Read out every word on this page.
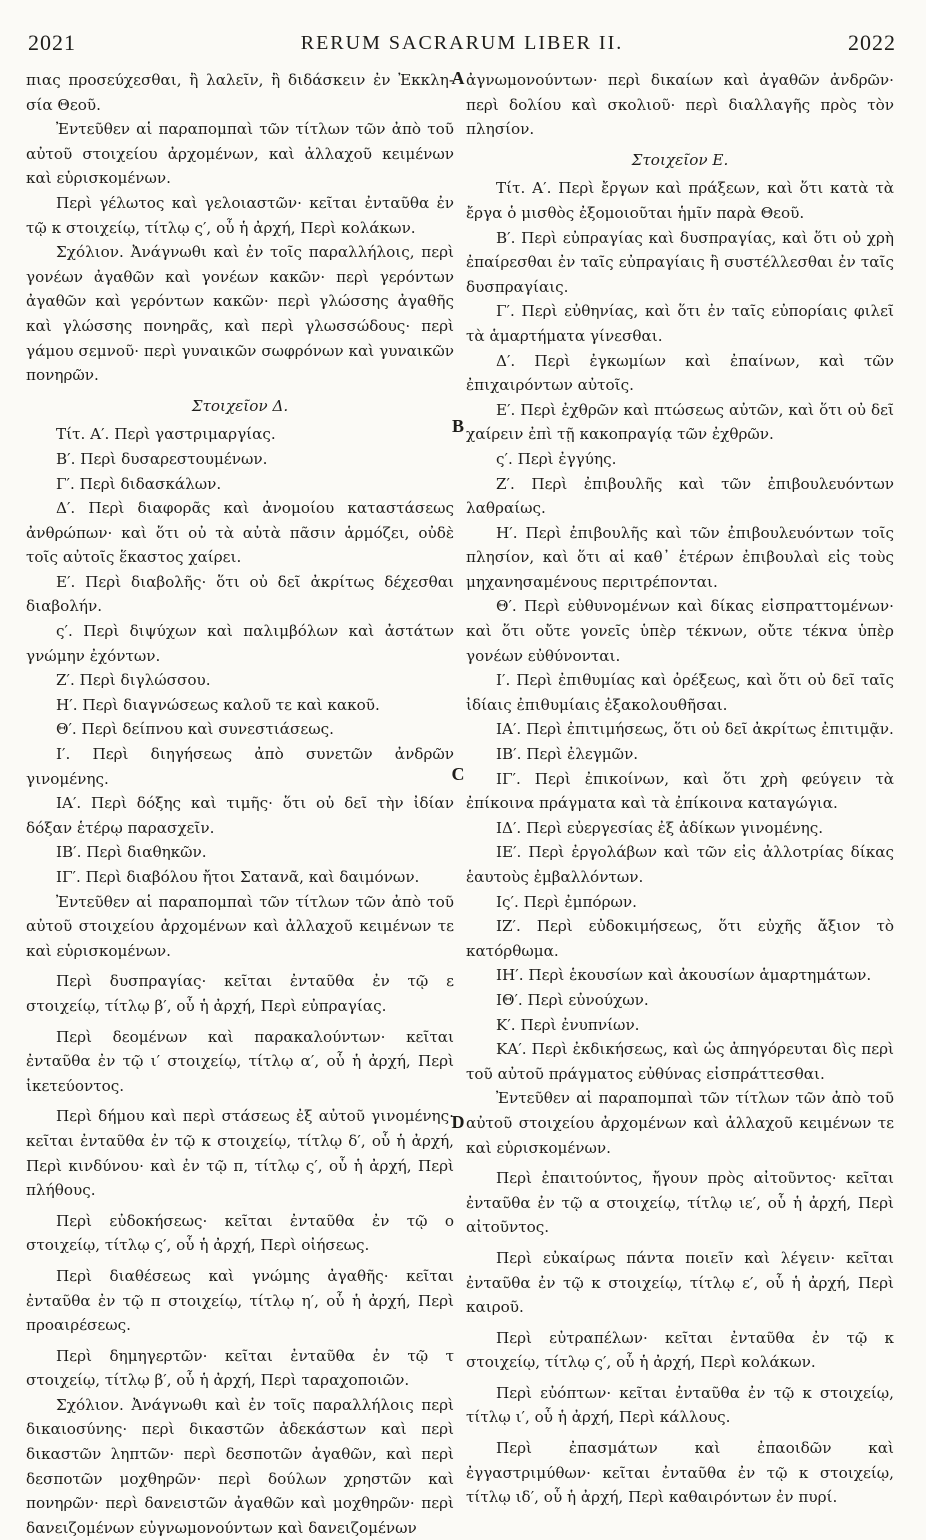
2021	RERUM SACRARUM LIBER II.	2022

πιας προσεύχεσθαι, ἢ λαλεῖν, ἢ διδάσκειν ἐν Ἐκκλη- σία Θεοῦ.

Ἐντεῦθεν αἱ παραπομπαὶ τῶν τίτλων τῶν ἀπὸ τοῦ αὐτοῦ στοιχείου ἀρχομένων, καὶ ἀλλαχοῦ κειμένων καὶ εὑρισκομένων.

Περὶ γέλωτος καὶ γελοιαστῶν· κεῖται ἐνταῦθα ἐν τῷ κ στοιχείῳ, τίτλῳ ς′, οὗ ἡ ἀρχή, Περὶ κολάκων.

Σχόλιον. Ἀνάγνωθι καὶ ἐν τοῖς παραλλήλοις, περὶ γονέων ἀγαθῶν καὶ γονέων κακῶν· περὶ γερόντων ἀγαθῶν καὶ γερόντων κακῶν· περὶ γλώσσης ἀγαθῆς καὶ γλώσσης πονηρᾶς, καὶ περὶ γλωσσώδους· περὶ γάμου σεμνοῦ· περὶ γυναικῶν σωφρόνων καὶ γυναικῶν πονηρῶν.

Στοιχεῖον Δ.

Τίτ. Α′. Περὶ γαστριμαργίας.

Β′. Περὶ δυσαρεστουμένων.

Γ′. Περὶ διδασκάλων.

Δ′. Περὶ διαφορᾶς καὶ ἀνομοίου καταστάσεως ἀνθρώπων· καὶ ὅτι οὐ τὰ αὐτὰ πᾶσιν ἁρμόζει, οὐδὲ τοῖς αὐτοῖς ἕκαστος χαίρει.

Ε′. Περὶ διαβολῆς· ὅτι οὐ δεῖ ἀκρίτως δέχεσθαι διαβολήν.

ς′. Περὶ διψύχων καὶ παλιμβόλων καὶ ἀστάτων γνώμην ἐχόντων.

Ζ′. Περὶ διγλώσσου.

Η′. Περὶ διαγνώσεως καλοῦ τε καὶ κακοῦ.

Θ′. Περὶ δείπνου καὶ συνεστιάσεως.

Ι′. Περὶ διηγήσεως ἀπὸ συνετῶν ἀνδρῶν γινομένης.

ΙΑ′. Περὶ δόξης καὶ τιμῆς· ὅτι οὐ δεῖ τὴν ἰδίαν δόξαν ἑτέρῳ παρασχεῖν.

ΙΒ′. Περὶ διαθηκῶν.

ΙΓ′. Περὶ διαβόλου ἤτοι Σατανᾶ, καὶ δαιμόνων.

Ἐντεῦθεν αἱ παραπομπαὶ τῶν τίτλων τῶν ἀπὸ τοῦ αὐτοῦ στοιχείου ἀρχομένων καὶ ἀλλαχοῦ κειμένων τε καὶ εὑρισκομένων.

Περὶ δυσπραγίας· κεῖται ἐνταῦθα ἐν τῷ ε στοιχείῳ, τίτλῳ β′, οὗ ἡ ἀρχή, Περὶ εὐπραγίας.

Περὶ δεομένων καὶ παρακαλούντων· κεῖται ἐνταῦθα ἐν τῷ ι′ στοιχείῳ, τίτλῳ α′, οὗ ἡ ἀρχή, Περὶ ἱκετεύοντος.

Περὶ δήμου καὶ περὶ στάσεως ἐξ αὐτοῦ γινομένης· κεῖται ἐνταῦθα ἐν τῷ κ στοιχείῳ, τίτλῳ δ′, οὗ ἡ ἀρχή, Περὶ κινδύνου· καὶ ἐν τῷ π, τίτλῳ ς′, οὗ ἡ ἀρχή, Περὶ πλήθους.

Περὶ εὐδοκήσεως· κεῖται ἐνταῦθα ἐν τῷ ο στοιχείῳ, τίτλῳ ς′, οὗ ἡ ἀρχή, Περὶ οἰήσεως.

Περὶ διαθέσεως καὶ γνώμης ἀγαθῆς· κεῖται ἐνταῦθα ἐν τῷ π στοιχείῳ, τίτλῳ η′, οὗ ἡ ἀρχή, Περὶ προαιρέσεως.

Περὶ δημηγερτῶν· κεῖται ἐνταῦθα ἐν τῷ τ στοιχείῳ, τίτλῳ β′, οὗ ἡ ἀρχή, Περὶ ταραχοποιῶν.

Σχόλιον. Ἀνάγνωθι καὶ ἐν τοῖς παραλλήλοις περὶ δικαιοσύνης· περὶ δικαστῶν ἀδεκάστων καὶ περὶ δικαστῶν ληπτῶν· περὶ δεσποτῶν ἀγαθῶν, καὶ περὶ δεσποτῶν μοχθηρῶν· περὶ δούλων χρηστῶν καὶ πονηρῶν· περὶ δανειστῶν ἀγαθῶν καὶ μοχθηρῶν· περὶ δανειζομένων εὐγνωμονούντων καὶ δανειζομένων

ἀγνωμονούντων· περὶ δικαίων καὶ ἀγαθῶν ἀνδρῶν· περὶ δολίου καὶ σκολιοῦ· περὶ διαλλαγῆς πρὸς τὸν πλησίον.

Στοιχεῖον Ε.

Τίτ. Α′. Περὶ ἔργων καὶ πράξεων, καὶ ὅτι κατὰ τὰ ἔργα ὁ μισθὸς ἐξομοιοῦται ἡμῖν παρὰ Θεοῦ.

Β′. Περὶ εὐπραγίας καὶ δυσπραγίας, καὶ ὅτι οὐ χρὴ ἐπαίρεσθαι ἐν ταῖς εὐπραγίαις ἢ συστέλλεσθαι ἐν ταῖς δυσπραγίαις.

Γ′. Περὶ εὐθηνίας, καὶ ὅτι ἐν ταῖς εὐπορίαις φιλεῖ τὰ ἁμαρτήματα γίνεσθαι.

Δ′. Περὶ ἐγκωμίων καὶ ἐπαίνων, καὶ τῶν ἐπιχαιρόντων αὐτοῖς.

Ε′. Περὶ ἐχθρῶν καὶ πτώσεως αὐτῶν, καὶ ὅτι οὐ δεῖ χαίρειν ἐπὶ τῇ κακοπραγίᾳ τῶν ἐχθρῶν.

ς′. Περὶ ἐγγύης.

Ζ′. Περὶ ἐπιβουλῆς καὶ τῶν ἐπιβουλευόντων λαθραίως.

Η′. Περὶ ἐπιβουλῆς καὶ τῶν ἐπιβουλευόντων τοῖς πλησίον, καὶ ὅτι αἱ καθ᾽ ἑτέρων ἐπιβουλαὶ εἰς τοὺς μηχανησαμένους περιτρέπονται.

Θ′. Περὶ εὐθυνομένων καὶ δίκας εἰσπραττομένων· καὶ ὅτι οὔτε γονεῖς ὑπὲρ τέκνων, οὔτε τέκνα ὑπὲρ γονέων εὐθύνονται.

Ι′. Περὶ ἐπιθυμίας καὶ ὀρέξεως, καὶ ὅτι οὐ δεῖ ταῖς ἰδίαις ἐπιθυμίαις ἐξακολουθῆσαι.

ΙΑ′. Περὶ ἐπιτιμήσεως, ὅτι οὐ δεῖ ἀκρίτως ἐπιτιμᾷν.

ΙΒ′. Περὶ ἐλεγμῶν.

ΙΓ′. Περὶ ἐπικοίνων, καὶ ὅτι χρὴ φεύγειν τὰ ἐπίκοινα πράγματα καὶ τὰ ἐπίκοινα καταγώγια.

ΙΔ′. Περὶ εὐεργεσίας ἐξ ἀδίκων γινομένης.

ΙΕ′. Περὶ ἐργολάβων καὶ τῶν εἰς ἀλλοτρίας δίκας ἑαυτοὺς ἐμβαλλόντων.

Ις′. Περὶ ἐμπόρων.

ΙΖ′. Περὶ εὐδοκιμήσεως, ὅτι εὐχῆς ἄξιον τὸ κατόρθωμα.

ΙΗ′. Περὶ ἑκουσίων καὶ ἀκουσίων ἁμαρτημάτων.

ΙΘ′. Περὶ εὐνούχων.

Κ′. Περὶ ἐνυπνίων.

ΚΑ′. Περὶ ἐκδικήσεως, καὶ ὡς ἀπηγόρευται δὶς περὶ τοῦ αὐτοῦ πράγματος εὐθύνας εἰσπράττεσθαι.

Ἐντεῦθεν αἱ παραπομπαὶ τῶν τίτλων τῶν ἀπὸ τοῦ αὐτοῦ στοιχείου ἀρχομένων καὶ ἀλλαχοῦ κειμένων τε καὶ εὑρισκομένων.

Περὶ ἐπαιτούντος, ἤγουν πρὸς αἰτοῦντος· κεῖται ἐνταῦθα ἐν τῷ α στοιχείῳ, τίτλῳ ιε′, οὗ ἡ ἀρχή, Περὶ αἰτοῦντος.

Περὶ εὐκαίρως πάντα ποιεῖν καὶ λέγειν· κεῖται ἐνταῦθα ἐν τῷ κ στοιχείῳ, τίτλῳ ε′, οὗ ἡ ἀρχή, Περὶ καιροῦ.

Περὶ εὐτραπέλων· κεῖται ἐνταῦθα ἐν τῷ κ στοιχείῳ, τίτλῳ ς′, οὗ ἡ ἀρχή, Περὶ κολάκων.

Περὶ εὐόπτων· κεῖται ἐνταῦθα ἐν τῷ κ στοιχείῳ, τίτλῳ ι′, οὗ ἡ ἀρχή, Περὶ κάλλους.

Περὶ ἐπασμάτων καὶ ἐπαοιδῶν καὶ ἐγγαστριμύθων· κεῖται ἐνταῦθα ἐν τῷ κ στοιχείῳ, τίτλῳ ιδ′, οὗ ἡ ἀρχή, Περὶ καθαιρόντων ἐν πυρί.

A
B
C
D
